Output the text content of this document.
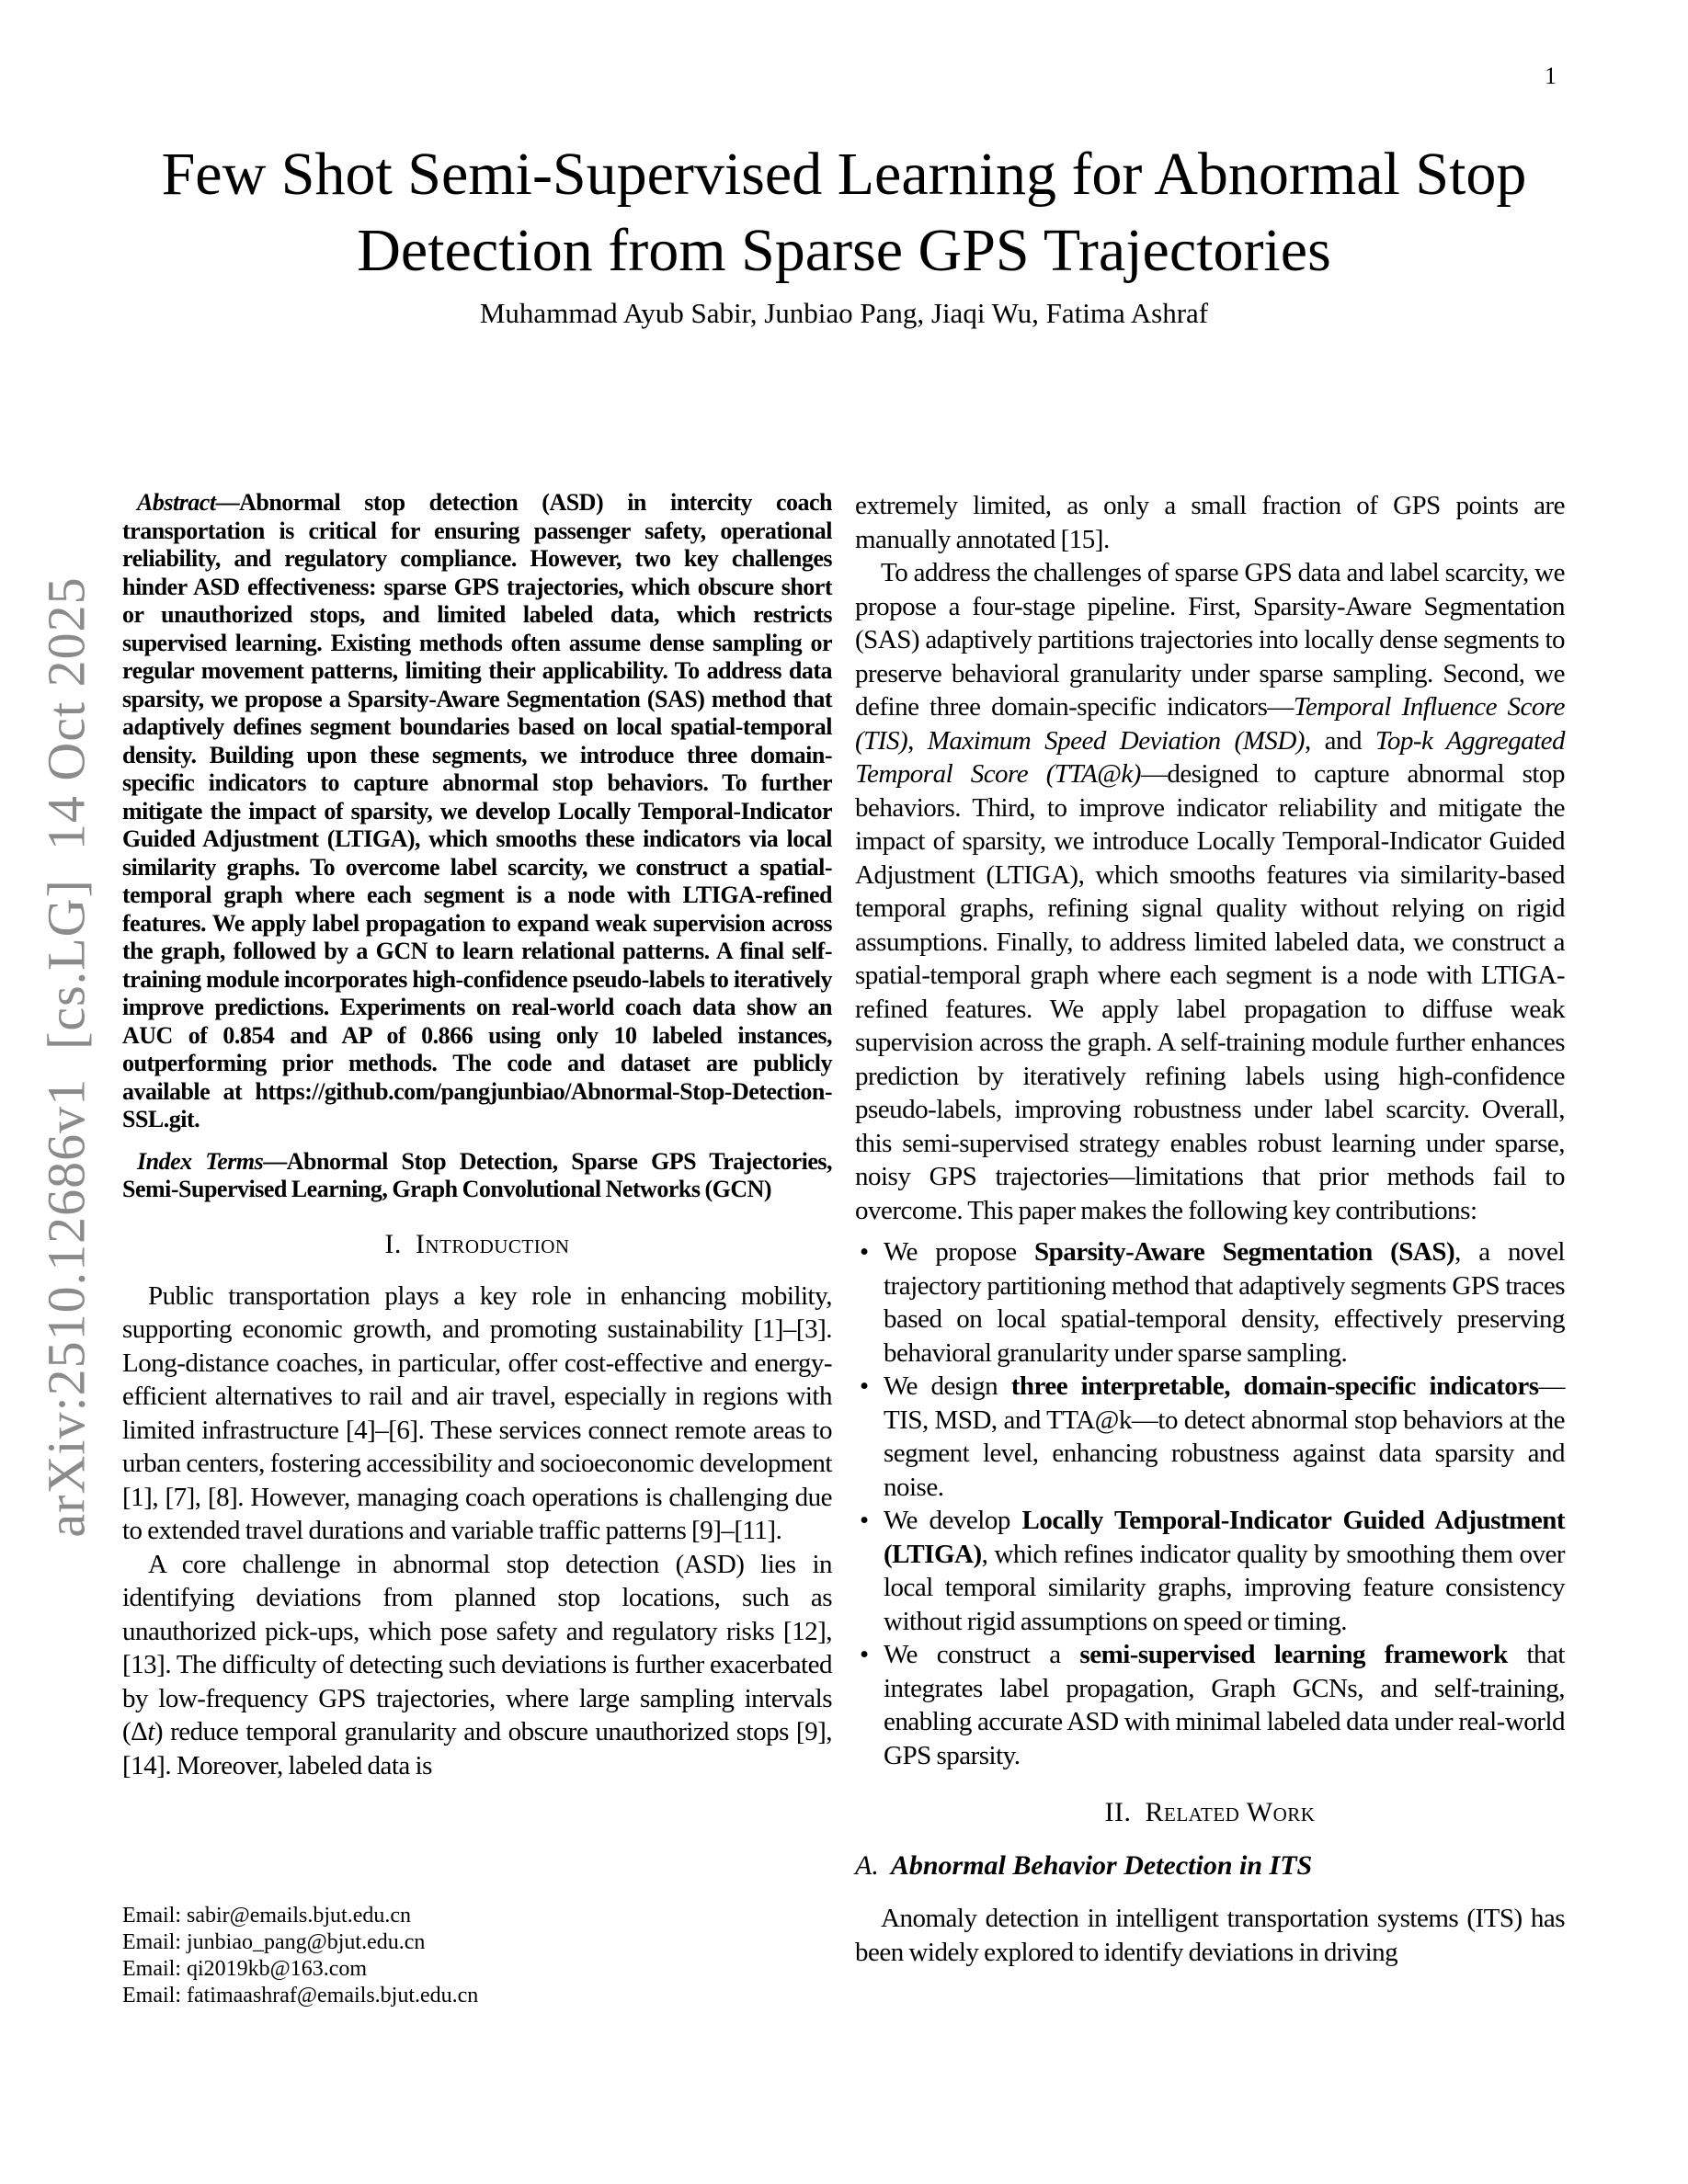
1
arXiv:2510.12686v1  [cs.LG]  14 Oct 2025
Few Shot Semi-Supervised Learning for Abnormal Stop Detection from Sparse GPS Trajectories
Muhammad Ayub Sabir, Junbiao Pang, Jiaqi Wu, Fatima Ashraf

Abstract—Abnormal stop detection (ASD) in intercity coach transportation is critical for ensuring passenger safety, operational reliability, and regulatory compliance. However, two key challenges hinder ASD effectiveness: sparse GPS trajectories, which obscure short or unauthorized stops, and limited labeled data, which restricts supervised learning. Existing methods often assume dense sampling or regular movement patterns, limiting their applicability. To address data sparsity, we propose a Sparsity-Aware Segmentation (SAS) method that adaptively defines segment boundaries based on local spatial-temporal density. Building upon these segments, we introduce three domain-specific indicators to capture abnormal stop behaviors. To further mitigate the impact of sparsity, we develop Locally Temporal-Indicator Guided Adjustment (LTIGA), which smooths these indicators via local similarity graphs. To overcome label scarcity, we construct a spatial-temporal graph where each segment is a node with LTIGA-refined features. We apply label propagation to expand weak supervision across the graph, followed by a GCN to learn relational patterns. A final self-training module incorporates high-confidence pseudo-labels to iteratively improve predictions. Experiments on real-world coach data show an AUC of 0.854 and AP of 0.866 using only 10 labeled instances, outperforming prior methods. The code and dataset are publicly available at https://github.com/pangjunbiao/Abnormal-Stop-Detection-SSL.git.

Index Terms—Abnormal Stop Detection, Sparse GPS Trajectories, Semi-Supervised Learning, Graph Convolutional Networks (GCN)

I. Introduction

Public transportation plays a key role in enhancing mobility, supporting economic growth, and promoting sustainability [1]–[3]. Long-distance coaches, in particular, offer cost-effective and energy-efficient alternatives to rail and air travel, especially in regions with limited infrastructure [4]–[6]. These services connect remote areas to urban centers, fostering accessibility and socioeconomic development [1], [7], [8]. However, managing coach operations is challenging due to extended travel durations and variable traffic patterns [9]–[11].

A core challenge in abnormal stop detection (ASD) lies in identifying deviations from planned stop locations, such as unauthorized pick-ups, which pose safety and regulatory risks [12], [13]. The difficulty of detecting such deviations is further exacerbated by low-frequency GPS trajectories, where large sampling intervals (Δt) reduce temporal granularity and obscure unauthorized stops [9], [14]. Moreover, labeled data is

Email: sabir@emails.bjut.edu.cn
Email: junbiao_pang@bjut.edu.cn
Email: qi2019kb@163.com
Email: fatimaashraf@emails.bjut.edu.cn

extremely limited, as only a small fraction of GPS points are manually annotated [15].

To address the challenges of sparse GPS data and label scarcity, we propose a four-stage pipeline. First, Sparsity-Aware Segmentation (SAS) adaptively partitions trajectories into locally dense segments to preserve behavioral granularity under sparse sampling. Second, we define three domain-specific indicators—Temporal Influence Score (TIS), Maximum Speed Deviation (MSD), and Top-k Aggregated Temporal Score (TTA@k)—designed to capture abnormal stop behaviors. Third, to improve indicator reliability and mitigate the impact of sparsity, we introduce Locally Temporal-Indicator Guided Adjustment (LTIGA), which smooths features via similarity-based temporal graphs, refining signal quality without relying on rigid assumptions. Finally, to address limited labeled data, we construct a spatial-temporal graph where each segment is a node with LTIGA-refined features. We apply label propagation to diffuse weak supervision across the graph. A self-training module further enhances prediction by iteratively refining labels using high-confidence pseudo-labels, improving robustness under label scarcity. Overall, this semi-supervised strategy enables robust learning under sparse, noisy GPS trajectories—limitations that prior methods fail to overcome. This paper makes the following key contributions:

• We propose Sparsity-Aware Segmentation (SAS), a novel trajectory partitioning method that adaptively segments GPS traces based on local spatial-temporal density, effectively preserving behavioral granularity under sparse sampling.
• We design three interpretable, domain-specific indicators—TIS, MSD, and TTA@k—to detect abnormal stop behaviors at the segment level, enhancing robustness against data sparsity and noise.
• We develop Locally Temporal-Indicator Guided Adjustment (LTIGA), which refines indicator quality by smoothing them over local temporal similarity graphs, improving feature consistency without rigid assumptions on speed or timing.
• We construct a semi-supervised learning framework that integrates label propagation, Graph GCNs, and self-training, enabling accurate ASD with minimal labeled data under real-world GPS sparsity.
II. Related Work
A. Abnormal Behavior Detection in ITS

Anomaly detection in intelligent transportation systems (ITS) has been widely explored to identify deviations in driving
